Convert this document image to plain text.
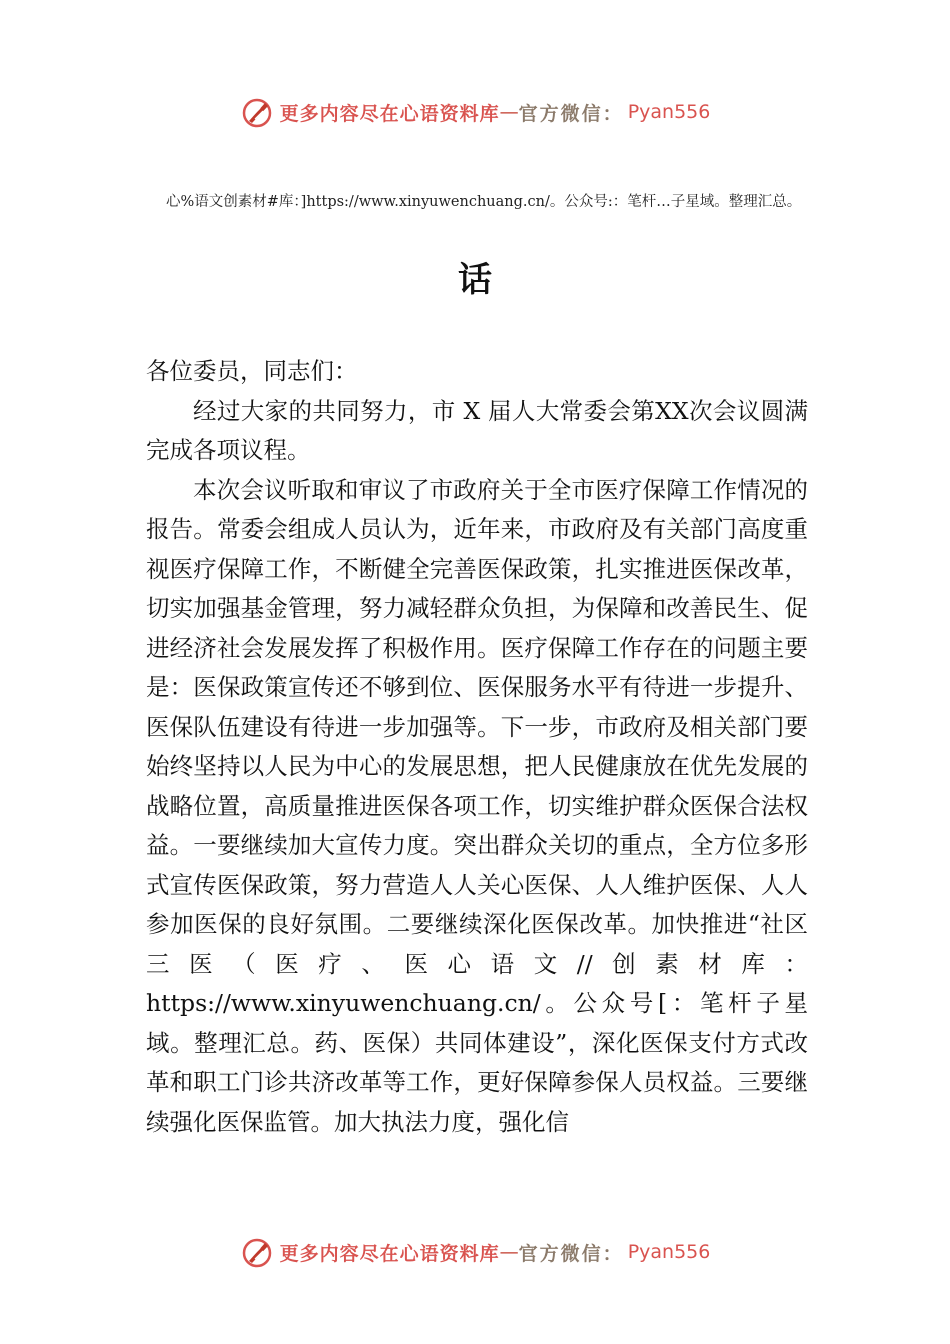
更多内容尽在心语资料库 — 官方微信： Pyan556
心%语文创素材#库：]https://www.xinyuwenchuang.cn/。公众号:：笔杆…子星域。整理汇总。
话

各位委员，同志们：

经过大家的共同努力，市 X 届人大常委会第XX次会议圆满完成各项议程。

本次会议听取和审议了市政府关于全市医疗保障工作情况的报告。常委会组成人员认为，近年来，市政府及有关部门高度重视医疗保障工作，不断健全完善医保政策，扎实推进医保改革，切实加强基金管理，努力减轻群众负担，为保障和改善民生、促进经济社会发展发挥了积极作用。医疗保障工作存在的问题主要是：医保政策宣传还不够到位、医保服务水平有待进一步提升、医保队伍建设有待进一步加强等。下一步，市政府及相关部门要始终坚持以人民为中心的发展思想，把人民健康放在优先发展的战略位置，高质量推进医保各项工作，切实维护群众医保合法权益。一要继续加大宣传力度。突出群众关切的重点，全方位多形式宣传医保政策，努力营造人人关心医保、人人维护医保、人人参加医保的良好氛围。二要继续深化医保改革。加快推进“社区三医（医疗、医心语文//创素材库：https://www.xinyuwenchuang.cn/。公众号[：笔杆子星域。整理汇总。药、医保）共同体建设”，深化医保支付方式改革和职工门诊共济改革等工作，更好保障参保人员权益。三要继续强化医保监管。加大执法力度，强化信

更多内容尽在心语资料库 — 官方微信： Pyan556
